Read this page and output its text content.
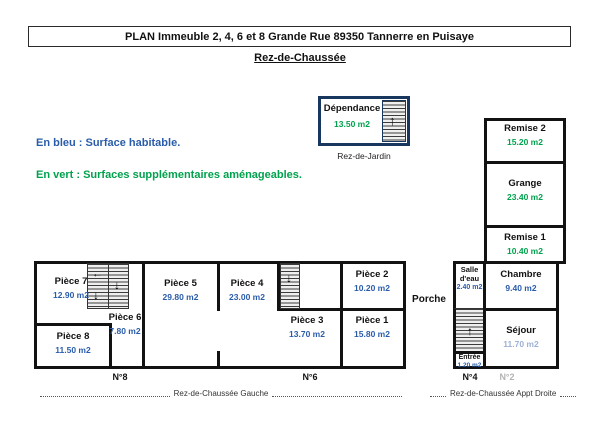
PLAN Immeuble 2, 4, 6 et 8 Grande Rue 89350 Tannerre en Puisaye
Rez-de-Chaussée
En bleu : Surface habitable.
En vert : Surfaces supplémentaires aménageables.
Dépendance
13.50 m2	↑
Rez-de-Jardin
Remise 2
15.20 m2
Grange
23.40 m2
Remise 1
10.40 m2
←
↓
↓	↓
Pièce 7
12.90 m2
Pièce 8
11.50 m2
Pièce 6
7.80 m2
Pièce 5
29.80 m2
Pièce 4
23.00 m2
Pièce 2
10.20 m2
Pièce 3
13.70 m2
Pièce 1
15.80 m2
Porche
Salle d'eau
2.40 m2
↑
Entrée
1.20 m2
Chambre
9.40 m2
Séjour
11.70 m2
N°8	N°6	N°4	N°2
Rez-de-Chaussée Gauche	Rez-de-Chaussée Appt Droite
